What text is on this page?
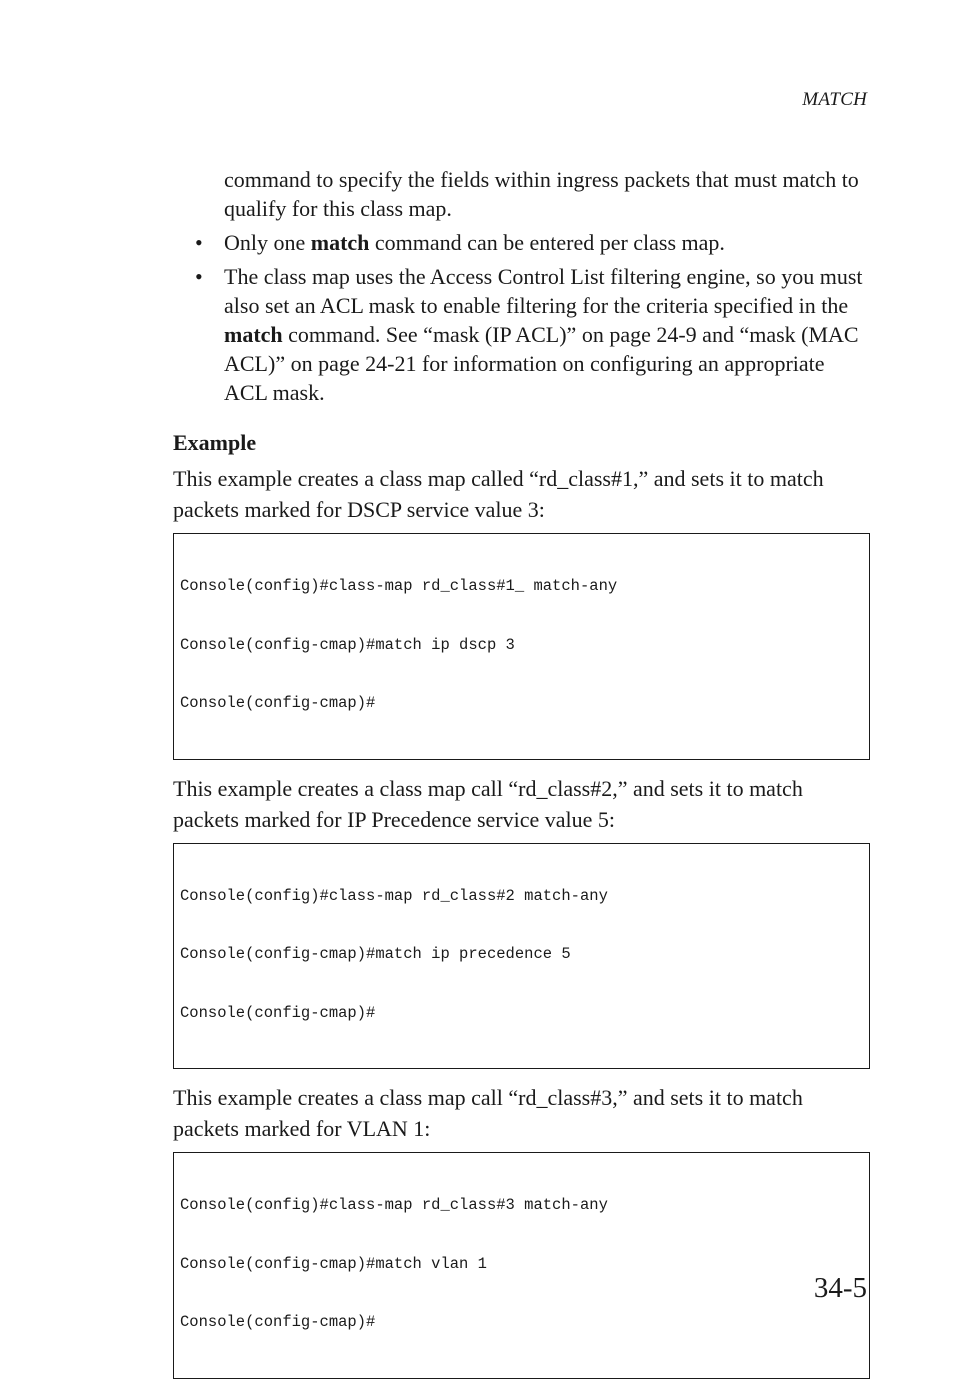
MATCH

command to specify the fields within ingress packets that must match to qualify for this class map.

• Only one match command can be entered per class map.
• The class map uses the Access Control List filtering engine, so you must also set an ACL mask to enable filtering for the criteria specified in the match command. See “mask (IP ACL)” on page 24-9 and “mask (MAC ACL)” on page 24-21 for information on configuring an appropriate ACL mask.
Example

This example creates a class map called “rd_class#1,” and sets it to match packets marked for DSCP service value 3:

Console(config)#class-map rd_class#1_ match-any

Console(config-cmap)#match ip dscp 3

Console(config-cmap)#

This example creates a class map call “rd_class#2,” and sets it to match packets marked for IP Precedence service value 5:

Console(config)#class-map rd_class#2 match-any

Console(config-cmap)#match ip precedence 5

Console(config-cmap)#

This example creates a class map call “rd_class#3,” and sets it to match packets marked for VLAN 1:

Console(config)#class-map rd_class#3 match-any

Console(config-cmap)#match vlan 1

Console(config-cmap)#

34-5
